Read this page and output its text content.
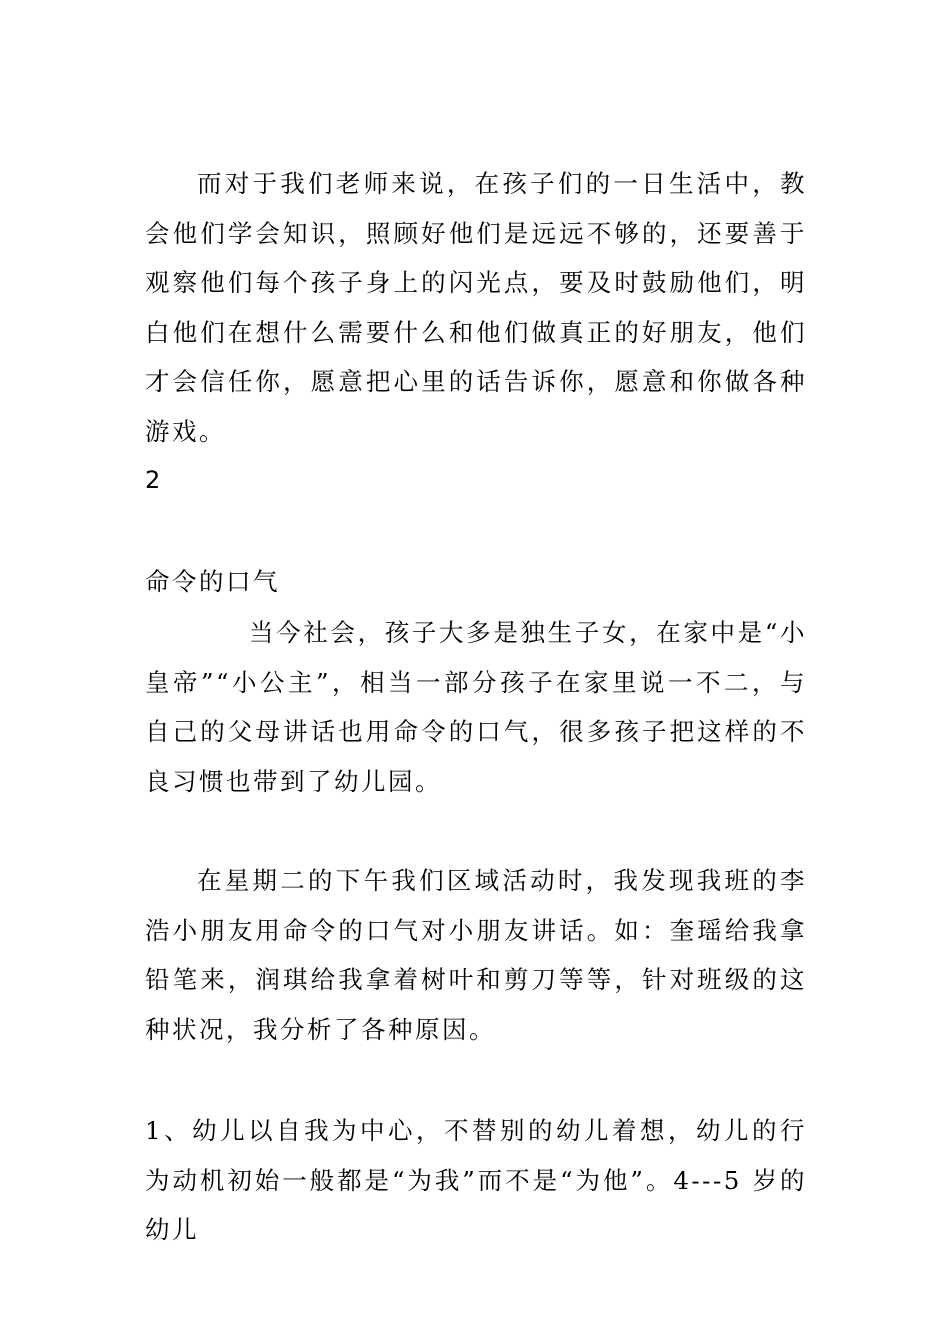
而对于我们老师来说，在孩子们的一日生活中，教会他们学会知识，照顾好他们是远远不够的，还要善于观察他们每个孩子身上的闪光点，要及时鼓励他们，明白他们在想什么需要什么和他们做真正的好朋友，他们才会信任你，愿意把心里的话告诉你，愿意和你做各种游戏。

2

命令的口气

当今社会，孩子大多是独生子女，在家中是“小皇帝”“小公主”，相当一部分孩子在家里说一不二，与自己的父母讲话也用命令的口气，很多孩子把这样的不良习惯也带到了幼儿园。

在星期二的下午我们区域活动时，我发现我班的李浩小朋友用命令的口气对小朋友讲话。如：奎瑶给我拿铅笔来，润琪给我拿着树叶和剪刀等等，针对班级的这种状况，我分析了各种原因。

1、幼儿以自我为中心，不替别的幼儿着想，幼儿的行为动机初始一般都是“为我”而不是“为他”。4---5 岁的幼儿
